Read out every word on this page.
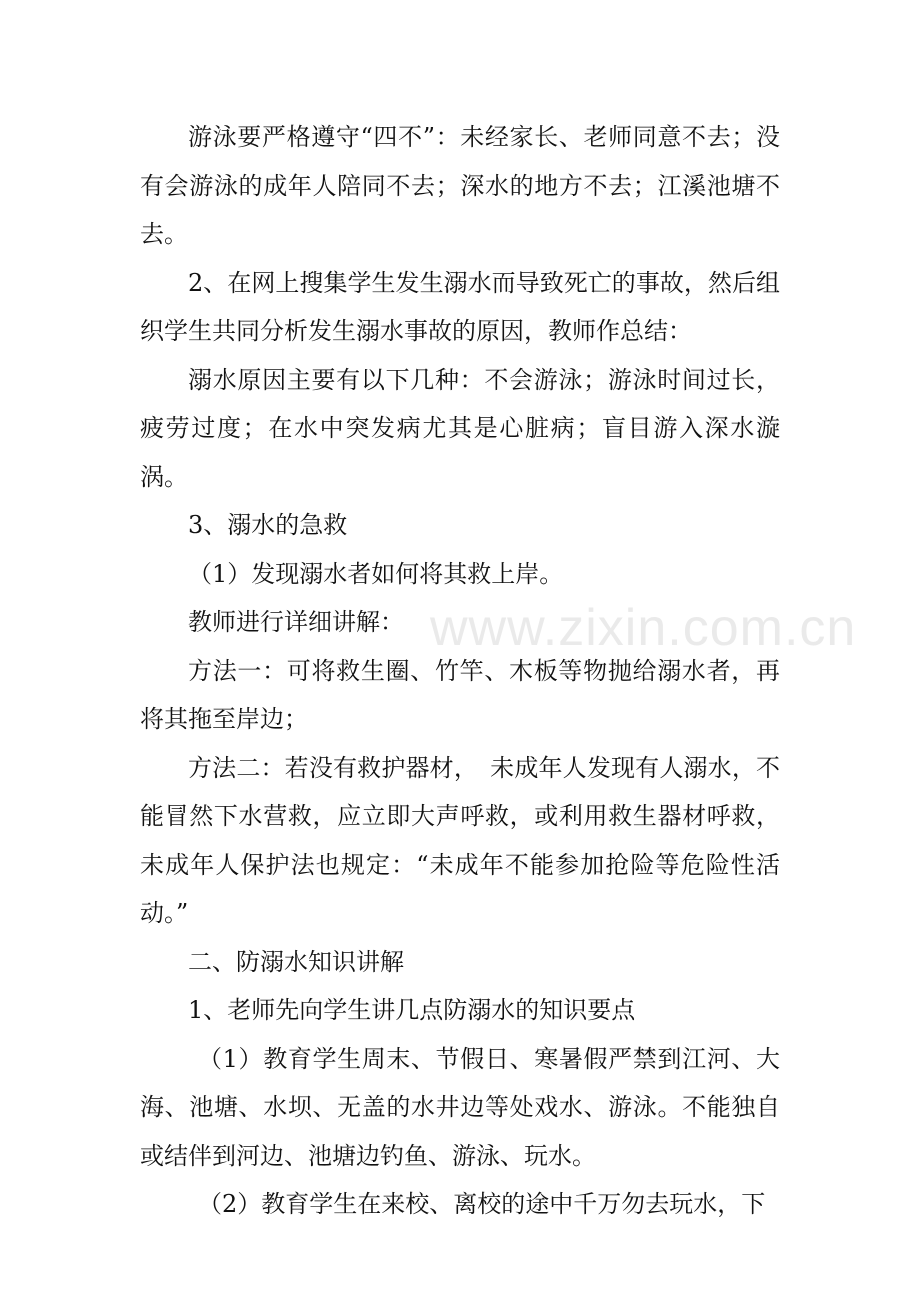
游泳要严格遵守“四不”：未经家长、老师同意不去；没有会游泳的成年人陪同不去；深水的地方不去；江溪池塘不去。

2、在网上搜集学生发生溺水而导致死亡的事故，然后组织学生共同分析发生溺水事故的原因，教师作总结：

溺水原因主要有以下几种：不会游泳；游泳时间过长，疲劳过度；在水中突发病尤其是心脏病；盲目游入深水漩涡。

3、溺水的急救

（1）发现溺水者如何将其救上岸。

教师进行详细讲解：

方法一：可将救生圈、竹竿、木板等物抛给溺水者，再将其拖至岸边；

方法二：若没有救护器材，　未成年人发现有人溺水，不能冒然下水营救，应立即大声呼救，或利用救生器材呼救，未成年人保护法也规定：“未成年不能参加抢险等危险性活动。”

二、防溺水知识讲解

1、老师先向学生讲几点防溺水的知识要点

（1）教育学生周末、节假日、寒暑假严禁到江河、大海、池塘、水坝、无盖的水井边等处戏水、游泳。不能独自或结伴到河边、池塘边钓鱼、游泳、玩水。

（2）教育学生在来校、离校的途中千万勿去玩水，下

www.zixin.com.cn
